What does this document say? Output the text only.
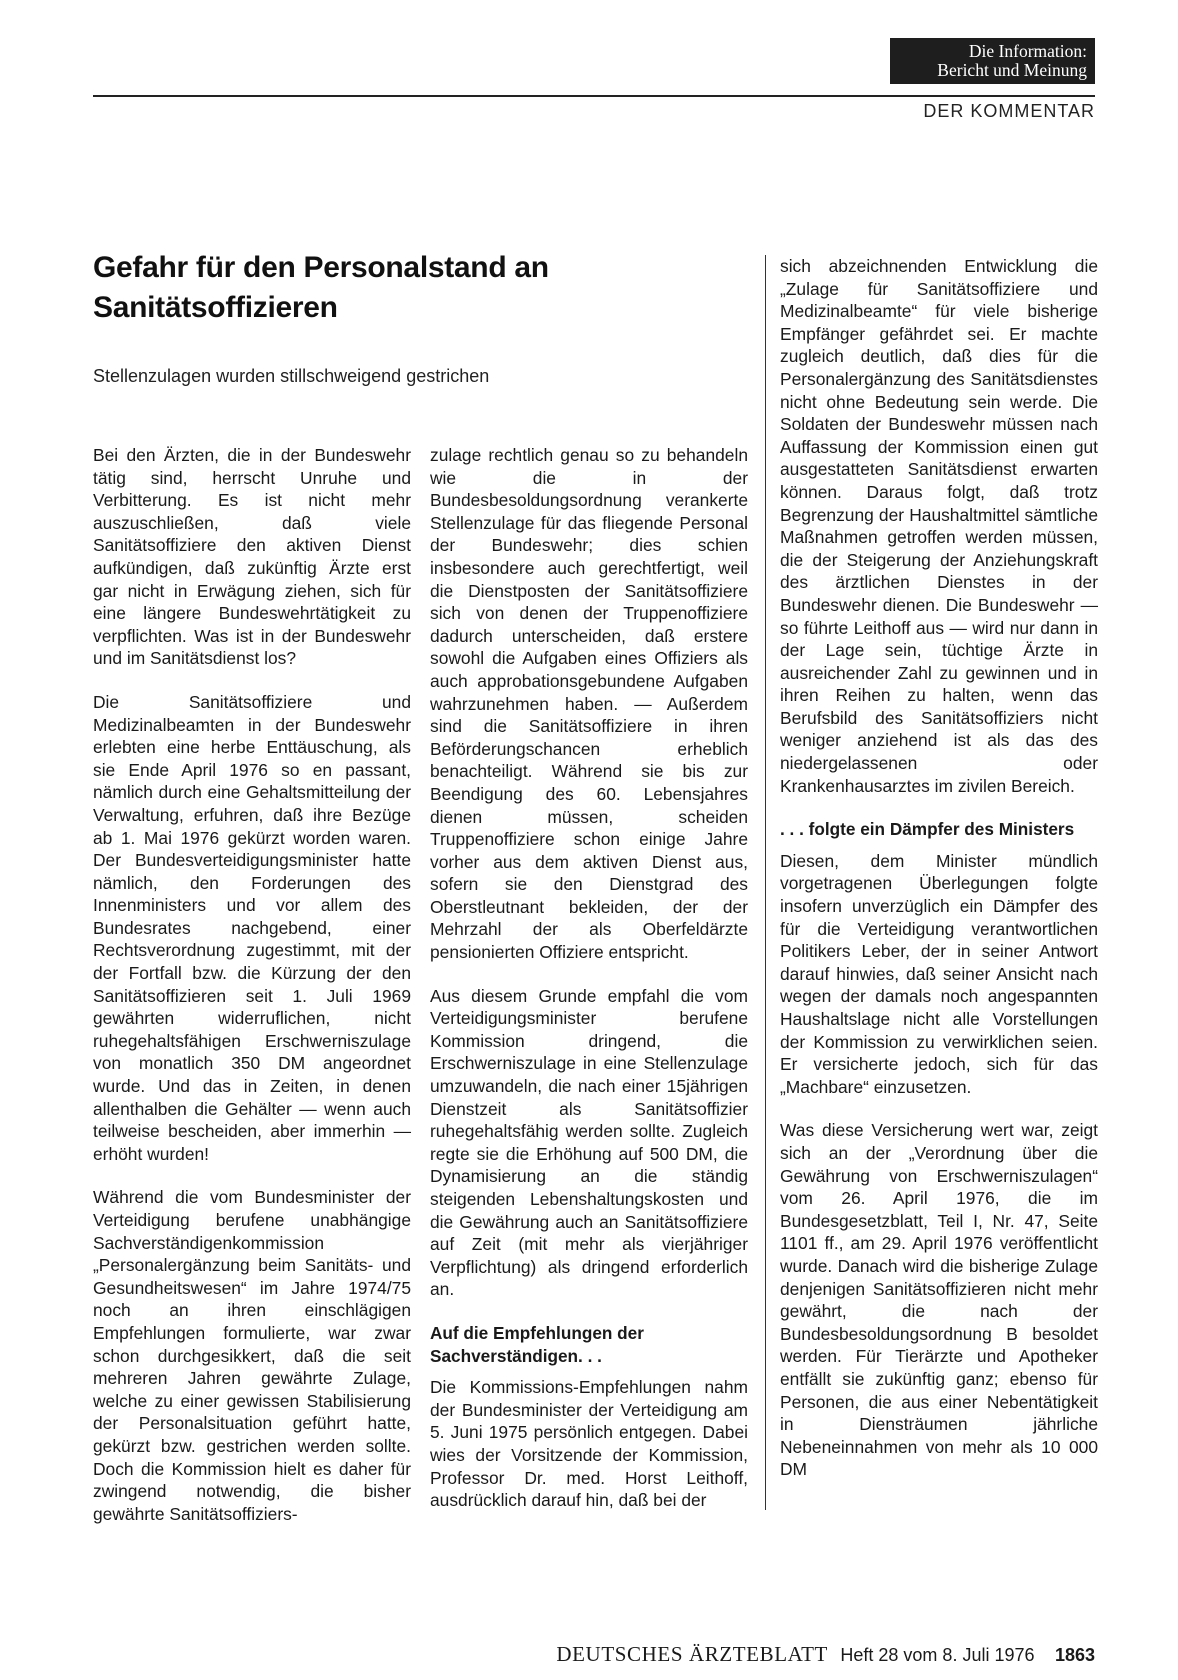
Die Information:
Bericht und Meinung
DER KOMMENTAR
Gefahr für den Personalstand an Sanitätsoffizieren

Stellenzulagen wurden stillschweigend gestrichen

Bei den Ärzten, die in der Bundeswehr tätig sind, herrscht Unruhe und Verbitterung. Es ist nicht mehr auszuschließen, daß viele Sanitätsoffiziere den aktiven Dienst aufkündigen, daß zukünftig Ärzte erst gar nicht in Erwägung ziehen, sich für eine längere Bundeswehrtätigkeit zu verpflichten. Was ist in der Bundeswehr und im Sanitätsdienst los?

Die Sanitätsoffiziere und Medizinalbeamten in der Bundeswehr erlebten eine herbe Enttäuschung, als sie Ende April 1976 so en passant, nämlich durch eine Gehaltsmitteilung der Verwaltung, erfuhren, daß ihre Bezüge ab 1. Mai 1976 gekürzt worden waren. Der Bundesverteidigungsminister hatte nämlich, den Forderungen des Innenministers und vor allem des Bundesrates nachgebend, einer Rechtsverordnung zugestimmt, mit der der Fortfall bzw. die Kürzung der den Sanitätsoffizieren seit 1. Juli 1969 gewährten widerruflichen, nicht ruhegehaltsfähigen Erschwerniszulage von monatlich 350 DM angeordnet wurde. Und das in Zeiten, in denen allenthalben die Gehälter — wenn auch teilweise bescheiden, aber immerhin — erhöht wurden!

Während die vom Bundesminister der Verteidigung berufene unabhängige Sachverständigenkommission „Personalergänzung beim Sanitäts- und Gesundheitswesen“ im Jahre 1974/75 noch an ihren einschlägigen Empfehlungen formulierte, war zwar schon durchgesikkert, daß die seit mehreren Jahren gewährte Zulage, welche zu einer gewissen Stabilisierung der Personalsituation geführt hatte, gekürzt bzw. gestrichen werden sollte. Doch die Kommission hielt es daher für zwingend notwendig, die bisher gewährte Sanitätsoffiziers-

zulage rechtlich genau so zu behandeln wie die in der Bundesbesoldungsordnung verankerte Stellenzulage für das fliegende Personal der Bundeswehr; dies schien insbesondere auch gerechtfertigt, weil die Dienstposten der Sanitätsoffiziere sich von denen der Truppenoffiziere dadurch unterscheiden, daß erstere sowohl die Aufgaben eines Offiziers als auch approbationsgebundene Aufgaben wahrzunehmen haben. — Außerdem sind die Sanitätsoffiziere in ihren Beförderungschancen erheblich benachteiligt. Während sie bis zur Beendigung des 60. Lebensjahres dienen müssen, scheiden Truppenoffiziere schon einige Jahre vorher aus dem aktiven Dienst aus, sofern sie den Dienstgrad des Oberstleutnant bekleiden, der der Mehrzahl der als Oberfeldärzte pensionierten Offiziere entspricht.

Aus diesem Grunde empfahl die vom Verteidigungsminister berufene Kommission dringend, die Erschwerniszulage in eine Stellenzulage umzuwandeln, die nach einer 15jährigen Dienstzeit als Sanitätsoffizier ruhegehaltsfähig werden sollte. Zugleich regte sie die Erhöhung auf 500 DM, die Dynamisierung an die ständig steigenden Lebenshaltungskosten und die Gewährung auch an Sanitätsoffiziere auf Zeit (mit mehr als vierjähriger Verpflichtung) als dringend erforderlich an.

Auf die Empfehlungen der Sachverständigen. . .

Die Kommissions-Empfehlungen nahm der Bundesminister der Verteidigung am 5. Juni 1975 persönlich entgegen. Dabei wies der Vorsitzende der Kommission, Professor Dr. med. Horst Leithoff, ausdrücklich darauf hin, daß bei der

sich abzeichnenden Entwicklung die „Zulage für Sanitätsoffiziere und Medizinalbeamte“ für viele bisherige Empfänger gefährdet sei. Er machte zugleich deutlich, daß dies für die Personalergänzung des Sanitätsdienstes nicht ohne Bedeutung sein werde. Die Soldaten der Bundeswehr müssen nach Auffassung der Kommission einen gut ausgestatteten Sanitätsdienst erwarten können. Daraus folgt, daß trotz Begrenzung der Haushaltmittel sämtliche Maßnahmen getroffen werden müssen, die der Steigerung der Anziehungskraft des ärztlichen Dienstes in der Bundeswehr dienen. Die Bundeswehr — so führte Leithoff aus — wird nur dann in der Lage sein, tüchtige Ärzte in ausreichender Zahl zu gewinnen und in ihren Reihen zu halten, wenn das Berufsbild des Sanitätsoffiziers nicht weniger anziehend ist als das des niedergelassenen oder Krankenhausarztes im zivilen Bereich.

. . . folgte ein Dämpfer des Ministers

Diesen, dem Minister mündlich vorgetragenen Überlegungen folgte insofern unverzüglich ein Dämpfer des für die Verteidigung verantwortlichen Politikers Leber, der in seiner Antwort darauf hinwies, daß seiner Ansicht nach wegen der damals noch angespannten Haushaltslage nicht alle Vorstellungen der Kommission zu verwirklichen seien. Er versicherte jedoch, sich für das „Machbare“ einzusetzen.

Was diese Versicherung wert war, zeigt sich an der „Verordnung über die Gewährung von Erschwerniszulagen“ vom 26. April 1976, die im Bundesgesetzblatt, Teil I, Nr. 47, Seite 1101 ff., am 29. April 1976 veröffentlicht wurde. Danach wird die bisherige Zulage denjenigen Sanitätsoffizieren nicht mehr gewährt, die nach der Bundesbesoldungsordnung B besoldet werden. Für Tierärzte und Apotheker entfällt sie zukünftig ganz; ebenso für Personen, die aus einer Nebentätigkeit in Diensträumen jährliche Nebeneinnahmen von mehr als 10 000 DM

DEUTSCHES ÄRZTEBLATT Heft 28 vom 8. Juli 1976 1863
